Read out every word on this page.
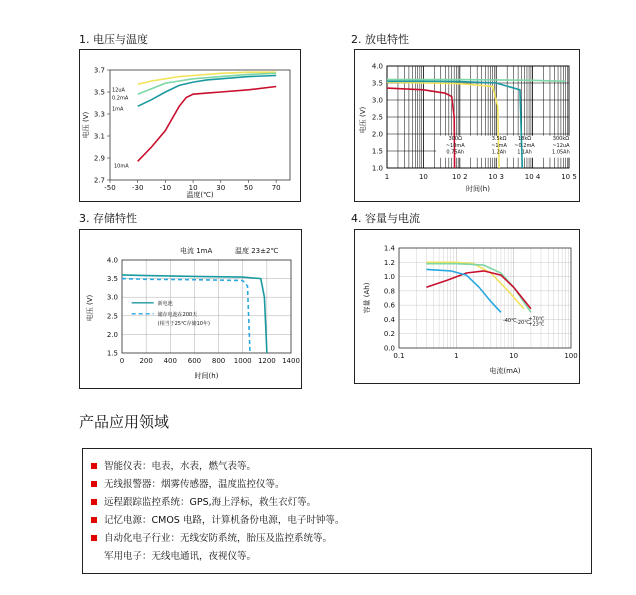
1. 电压与温度	2. 放电特性
3. 存储特性	4. 容量与电流
-50 -30 -10	10	30	50	70
2.7
2.9
3.1
3.3
3.5
3.7
12uA
0.2mA
1mA
10mA
温度(℃)
电压 (V)
1.0
1.5
2.0
2.5
3.0
3.5
4.0
1	10	10 2	10 3	10 4	10 5
300Ω
~10mA
0.75Ah
3.5kΩ
~1mA
1.2Ah
18kΩ
~0.2mA
1.1Ah
300kΩ
~12uA
1.05Ah
时间(h)
电压 (V)
电流 1mA	温度 23±2℃
0 200 400 600 800 1000 1200 1400
1.5
2.0
2.5
3.0
3.5
4.0
新电池
储存电池在200天
(相当于25℃存储10年)
时间(h)
电压 (V)
0.0
0.2
0.4
0.6
0.8
1.0
1.2
1.4
0.1	1	10	100
+70℃
+23℃
-20℃
-40℃
电流(mA)
容量 (Ah)
产品应用领域
智能仪表：电表，水表，燃气表等。
无线报警器：烟雾传感器，温度监控仪等。
远程跟踪监控系统：GPS,海上浮标，救生衣灯等。
记忆电源：CMOS 电路，计算机备份电源，电子时钟等。
自动化电子行业：无线安防系统，胎压及监控系统等。
军用电子：无线电通讯，夜视仪等。
